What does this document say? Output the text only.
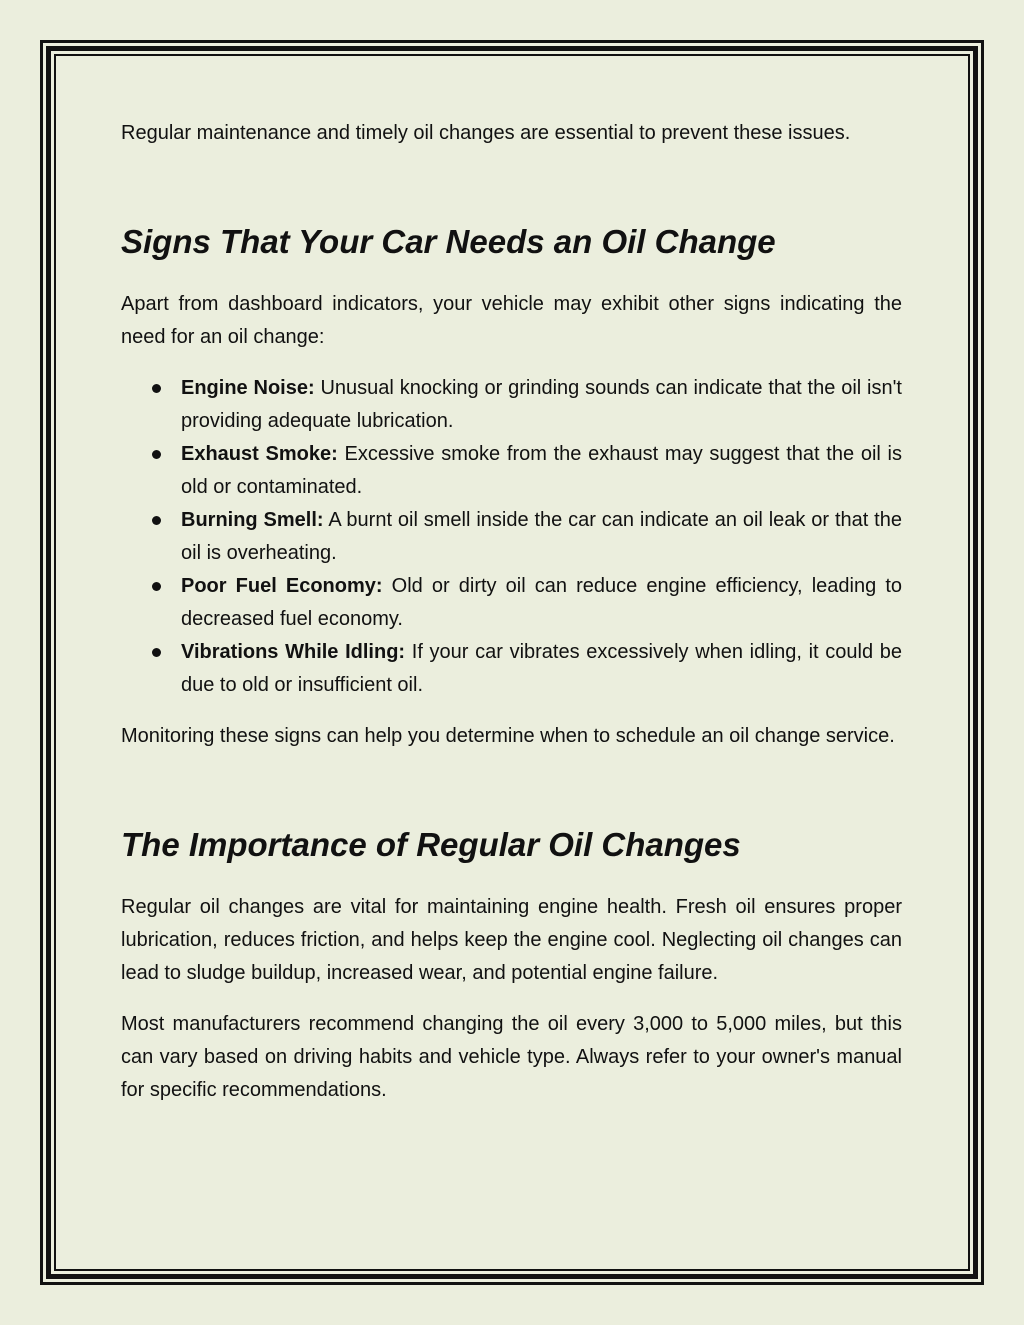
Regular maintenance and timely oil changes are essential to prevent these issues.

Signs That Your Car Needs an Oil Change

Apart from dashboard indicators, your vehicle may exhibit other signs indicating the need for an oil change:

Engine Noise: Unusual knocking or grinding sounds can indicate that the oil isn't providing adequate lubrication.
Exhaust Smoke: Excessive smoke from the exhaust may suggest that the oil is old or contaminated.
Burning Smell: A burnt oil smell inside the car can indicate an oil leak or that the oil is overheating.
Poor Fuel Economy: Old or dirty oil can reduce engine efficiency, leading to decreased fuel economy.
Vibrations While Idling: If your car vibrates excessively when idling, it could be due to old or insufficient oil.

Monitoring these signs can help you determine when to schedule an oil change service.

The Importance of Regular Oil Changes

Regular oil changes are vital for maintaining engine health. Fresh oil ensures proper lubrication, reduces friction, and helps keep the engine cool. Neglecting oil changes can lead to sludge buildup, increased wear, and potential engine failure.

Most manufacturers recommend changing the oil every 3,000 to 5,000 miles, but this can vary based on driving habits and vehicle type. Always refer to your owner's manual for specific recommendations.
